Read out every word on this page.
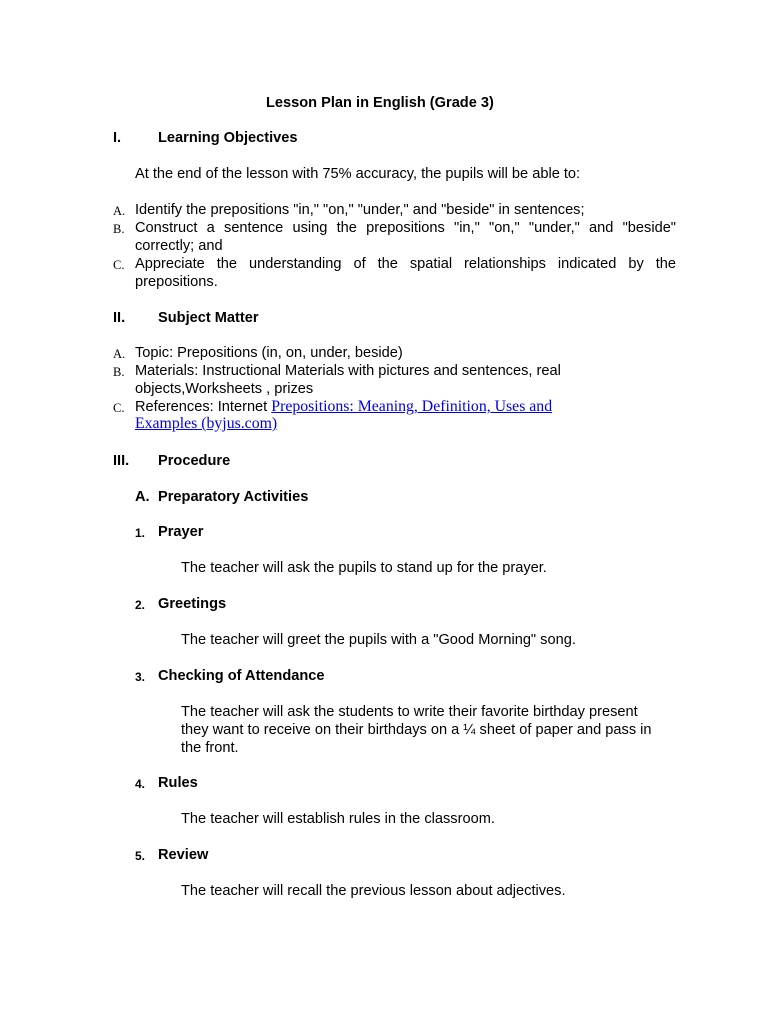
Lesson Plan in English (Grade 3)
I.	Learning Objectives
At the end of the lesson with 75% accuracy, the pupils will be able to:
A. Identify the prepositions "in," "on," "under," and "beside" in sentences;
B. Construct a sentence using the prepositions "in," "on," "under," and "beside"
correctly; and
C. Appreciate the understanding of the spatial relationships indicated by the
prepositions.
II. Subject Matter
A. Topic: Prepositions (in, on, under, beside)
B. Materials: Instructional Materials with pictures and sentences, real
objects,Worksheets , prizes
C. References: Internet Prepositions: Meaning, Definition, Uses and
Examples (byjus.com)
III. Procedure
A. Preparatory Activities
1. Prayer
The teacher will ask the pupils to stand up for the prayer.
2. Greetings
The teacher will greet the pupils with a "Good Morning" song.
3. Checking of Attendance
The teacher will ask the students to write their favorite birthday present
they want to receive on their birthdays on a ¼ sheet of paper and pass in
the front.
4. Rules
The teacher will establish rules in the classroom.
5. Review
The teacher will recall the previous lesson about adjectives.
